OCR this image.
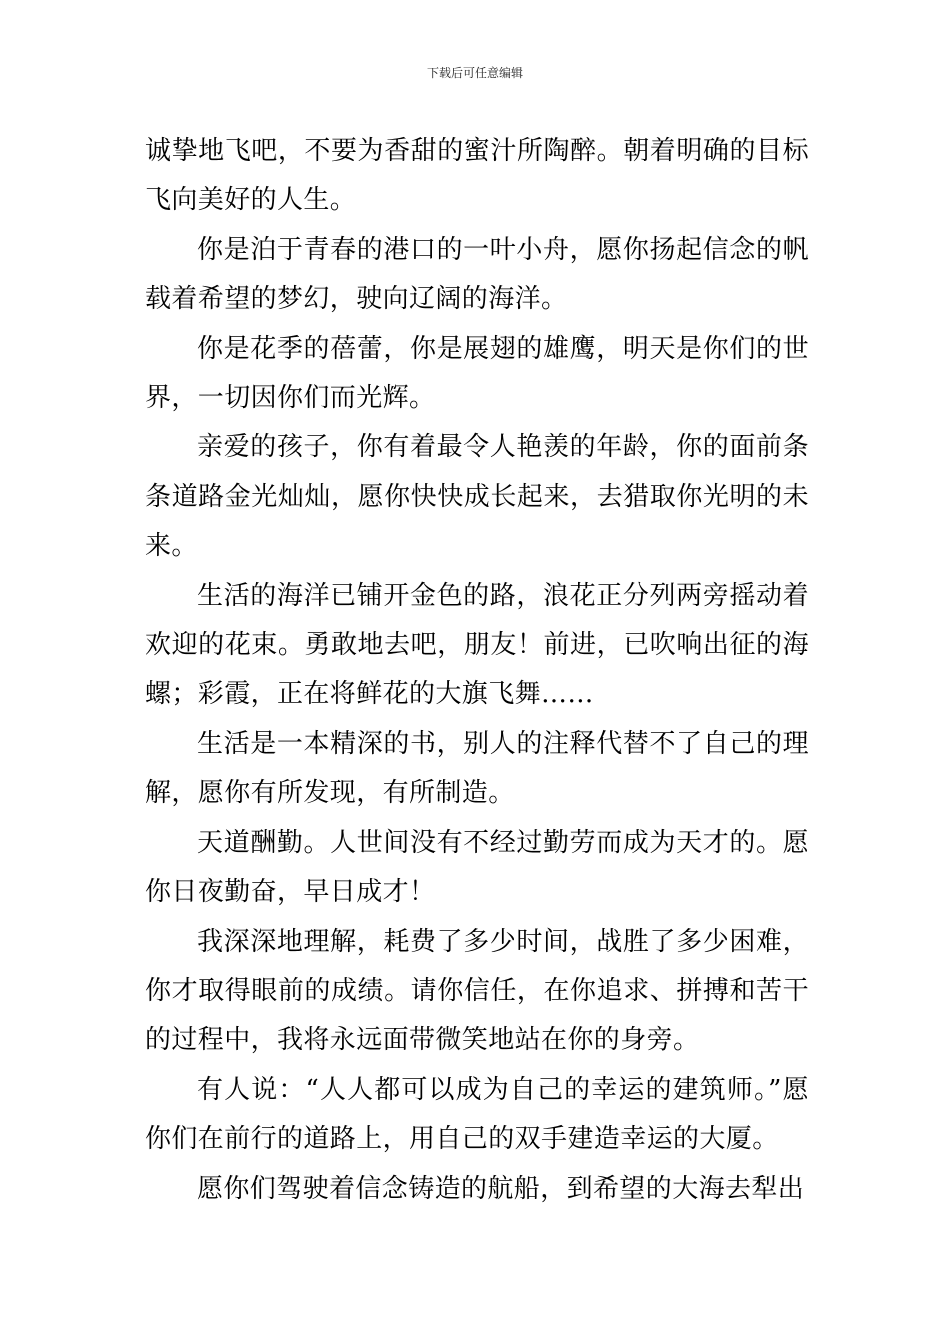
下载后可任意编辑

诚挚地飞吧，不要为香甜的蜜汁所陶醉。朝着明确的目标飞向美好的人生。

你是泊于青春的港口的一叶小舟，愿你扬起信念的帆载着希望的梦幻，驶向辽阔的海洋。

你是花季的蓓蕾，你是展翅的雄鹰，明天是你们的世界，一切因你们而光辉。

亲爱的孩子，你有着最令人艳羡的年龄，你的面前条条道路金光灿灿，愿你快快成长起来，去猎取你光明的未来。

生活的海洋已铺开金色的路，浪花正分列两旁摇动着欢迎的花束。勇敢地去吧，朋友！前进，已吹响出征的海螺；彩霞，正在将鲜花的大旗飞舞……

生活是一本精深的书，别人的注释代替不了自己的理解，愿你有所发现，有所制造。

天道酬勤。人世间没有不经过勤劳而成为天才的。愿你日夜勤奋，早日成才！

我深深地理解，耗费了多少时间，战胜了多少困难，你才取得眼前的成绩。请你信任，在你追求、拼搏和苦干的过程中，我将永远面带微笑地站在你的身旁。

有人说：“人人都可以成为自己的幸运的建筑师。”愿你们在前行的道路上，用自己的双手建造幸运的大厦。

愿你们驾驶着信念铸造的航船，到希望的大海去犁出
